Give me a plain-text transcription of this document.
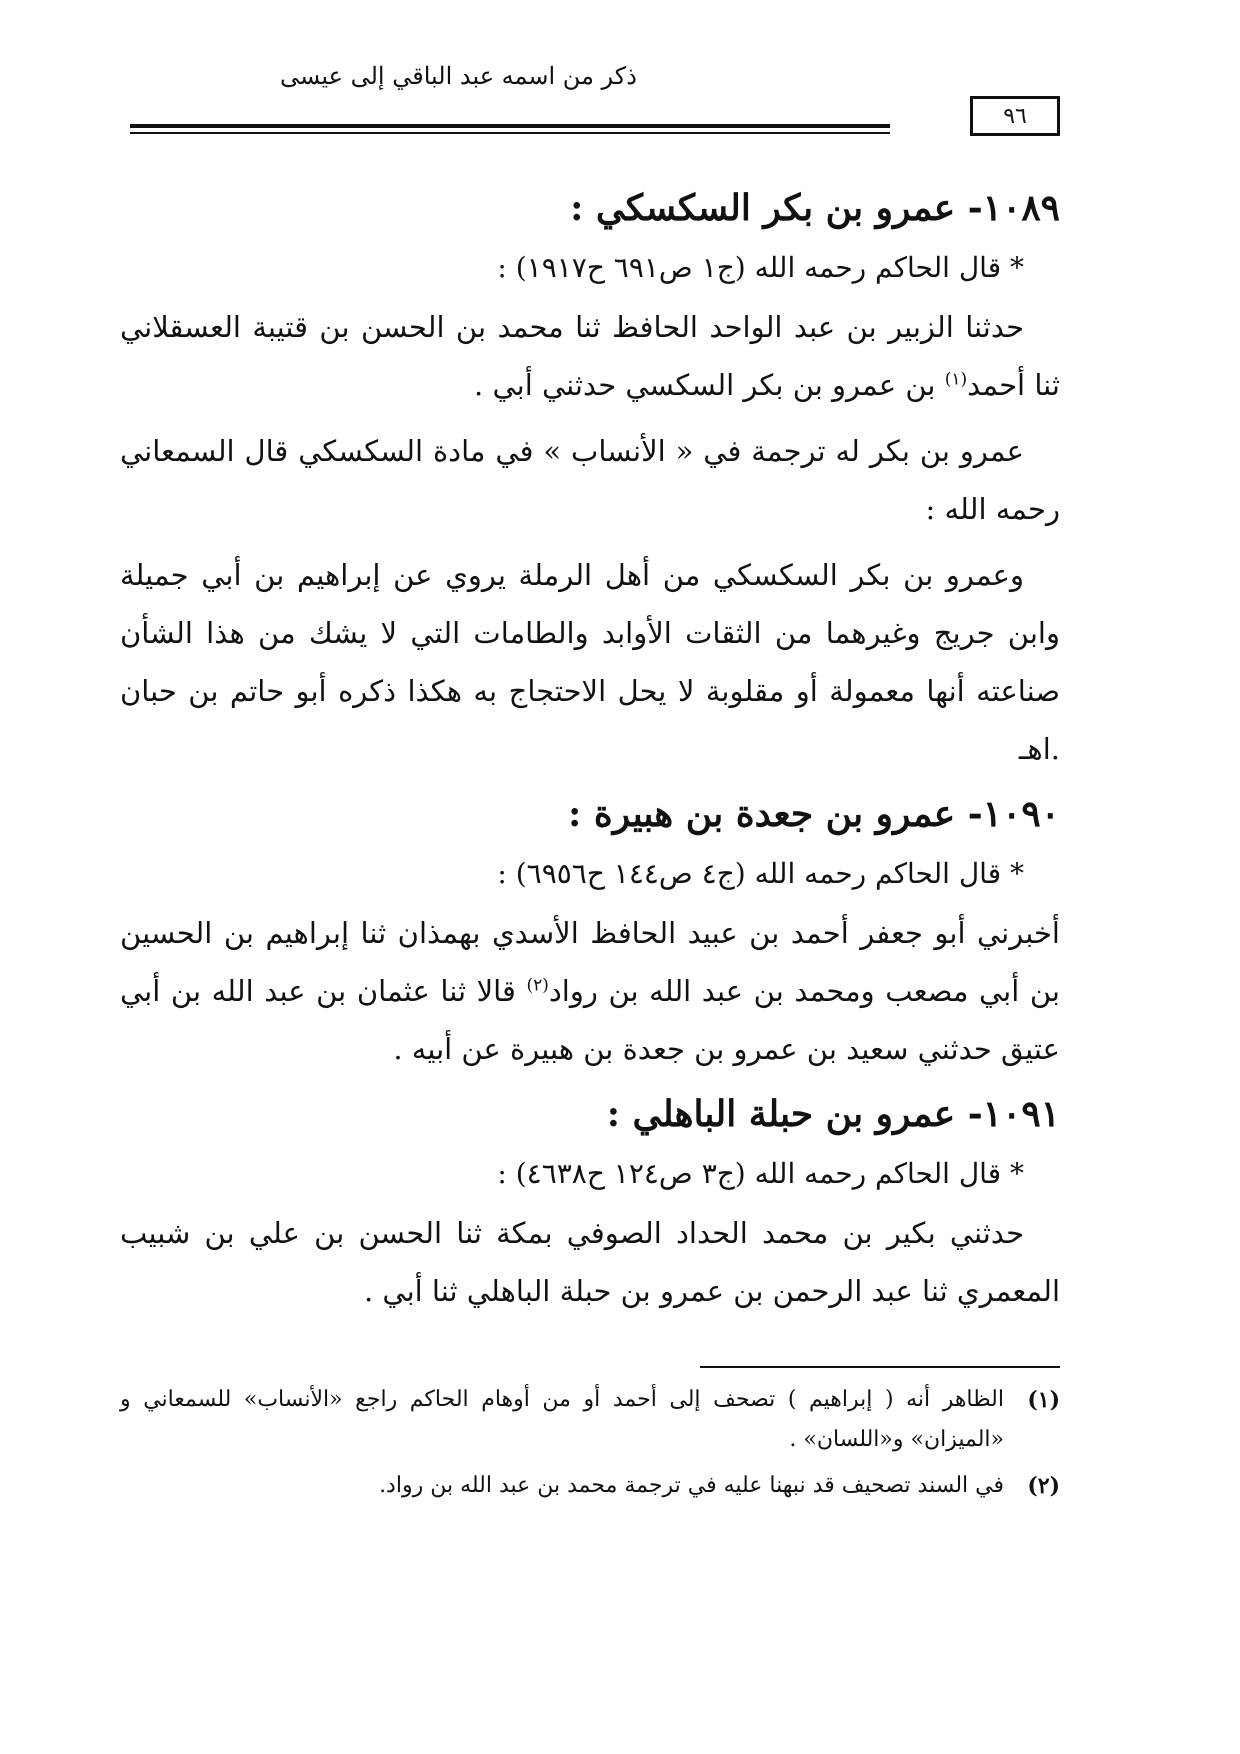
ذكر من اسمه عبد الباقي إلى عيسى
٩٦
١٠٨٩- عمرو بن بكر السكسكي :
* قال الحاكم رحمه الله (ج١ ص٦٩١ ح١٩١٧) :

حدثنا الزبير بن عبد الواحد الحافظ ثنا محمد بن الحسن بن قتيبة العسقلاني ثنا أحمد$^{(١)}$ بن عمرو بن بكر السكسي حدثني أبي .

عمرو بن بكر له ترجمة في « الأنساب » في مادة السكسكي قال السمعاني رحمه الله :

وعمرو بن بكر السكسكي من أهل الرملة يروي عن إبراهيم بن أبي جميلة وابن جريج وغيرهما من الثقات الأوابد والطامات التي لا يشك من هذا الشأن صناعته أنها معمولة أو مقلوبة لا يحل الاحتجاج به هكذا ذكره أبو حاتم بن حبان .اهـ

١٠٩٠- عمرو بن جعدة بن هبيرة :
* قال الحاكم رحمه الله (ج٤ ص١٤٤ ح٦٩٥٦) :

أخبرني أبو جعفر أحمد بن عبيد الحافظ الأسدي بهمذان ثنا إبراهيم بن الحسين بن أبي مصعب ومحمد بن عبد الله بن رواد$^{(٢)}$ قالا ثنا عثمان بن عبد الله بن أبي عتيق حدثني سعيد بن عمرو بن جعدة بن هبيرة عن أبيه .

١٠٩١- عمرو بن حبلة الباهلي :
* قال الحاكم رحمه الله (ج٣ ص١٢٤ ح٤٦٣٨) :

حدثني بكير بن محمد الحداد الصوفي بمكة ثنا الحسن بن علي بن شبيب المعمري ثنا عبد الرحمن بن عمرو بن حبلة الباهلي ثنا أبي .

(١)
الظاهر أنه ( إبراهيم ) تصحف إلى أحمد أو من أوهام الحاكم راجع «الأنساب» للسمعاني و «الميزان» و«اللسان» .
(٢)
في السند تصحيف قد نبهنا عليه في ترجمة محمد بن عبد الله بن رواد.
